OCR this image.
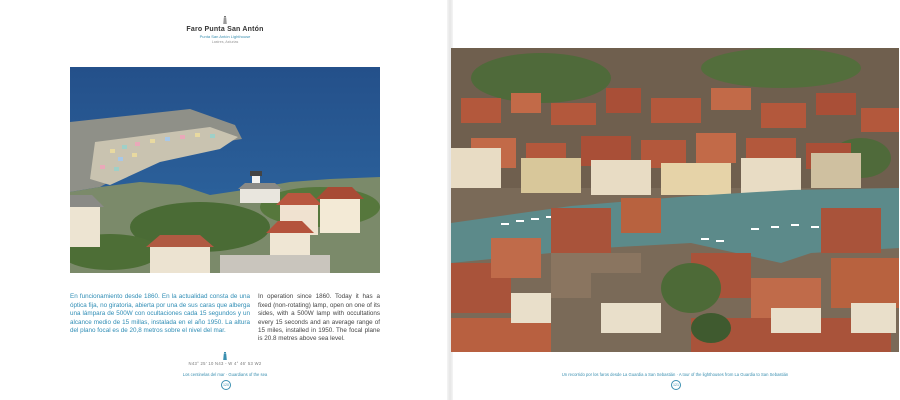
Faro Punta San Antón
Punta San Antón Lighthouse
Lastres, Asturias

En funcionamiento desde 1860. En la actualidad consta de una óptica fija, no giratoria, abierta por una de sus caras que alberga una lámpara de 500W con ocultaciones cada 15 segundos y un alcance medio de 15 millas, instalada en el año 1950. La altura del plano focal es de 20,8 metros sobre el nivel del mar.

In operation since 1860. Today it has a fixed (non-rotating) lamp, open on one of its sides, with a 500W lamp with occultations every 15 seconds and an average range of 15 miles, installed in 1950. The focal plane is 20.8 metres above sea level.

N43° 25' 10 N43 - W 4° 46' 53 W2
Los centinelas del mar · Guardians of the sea
120
Un recorrido por los faros desde La Guardia a San Sebastián · A tour of the lighthouses from La Guardia to San Sebastián
121
